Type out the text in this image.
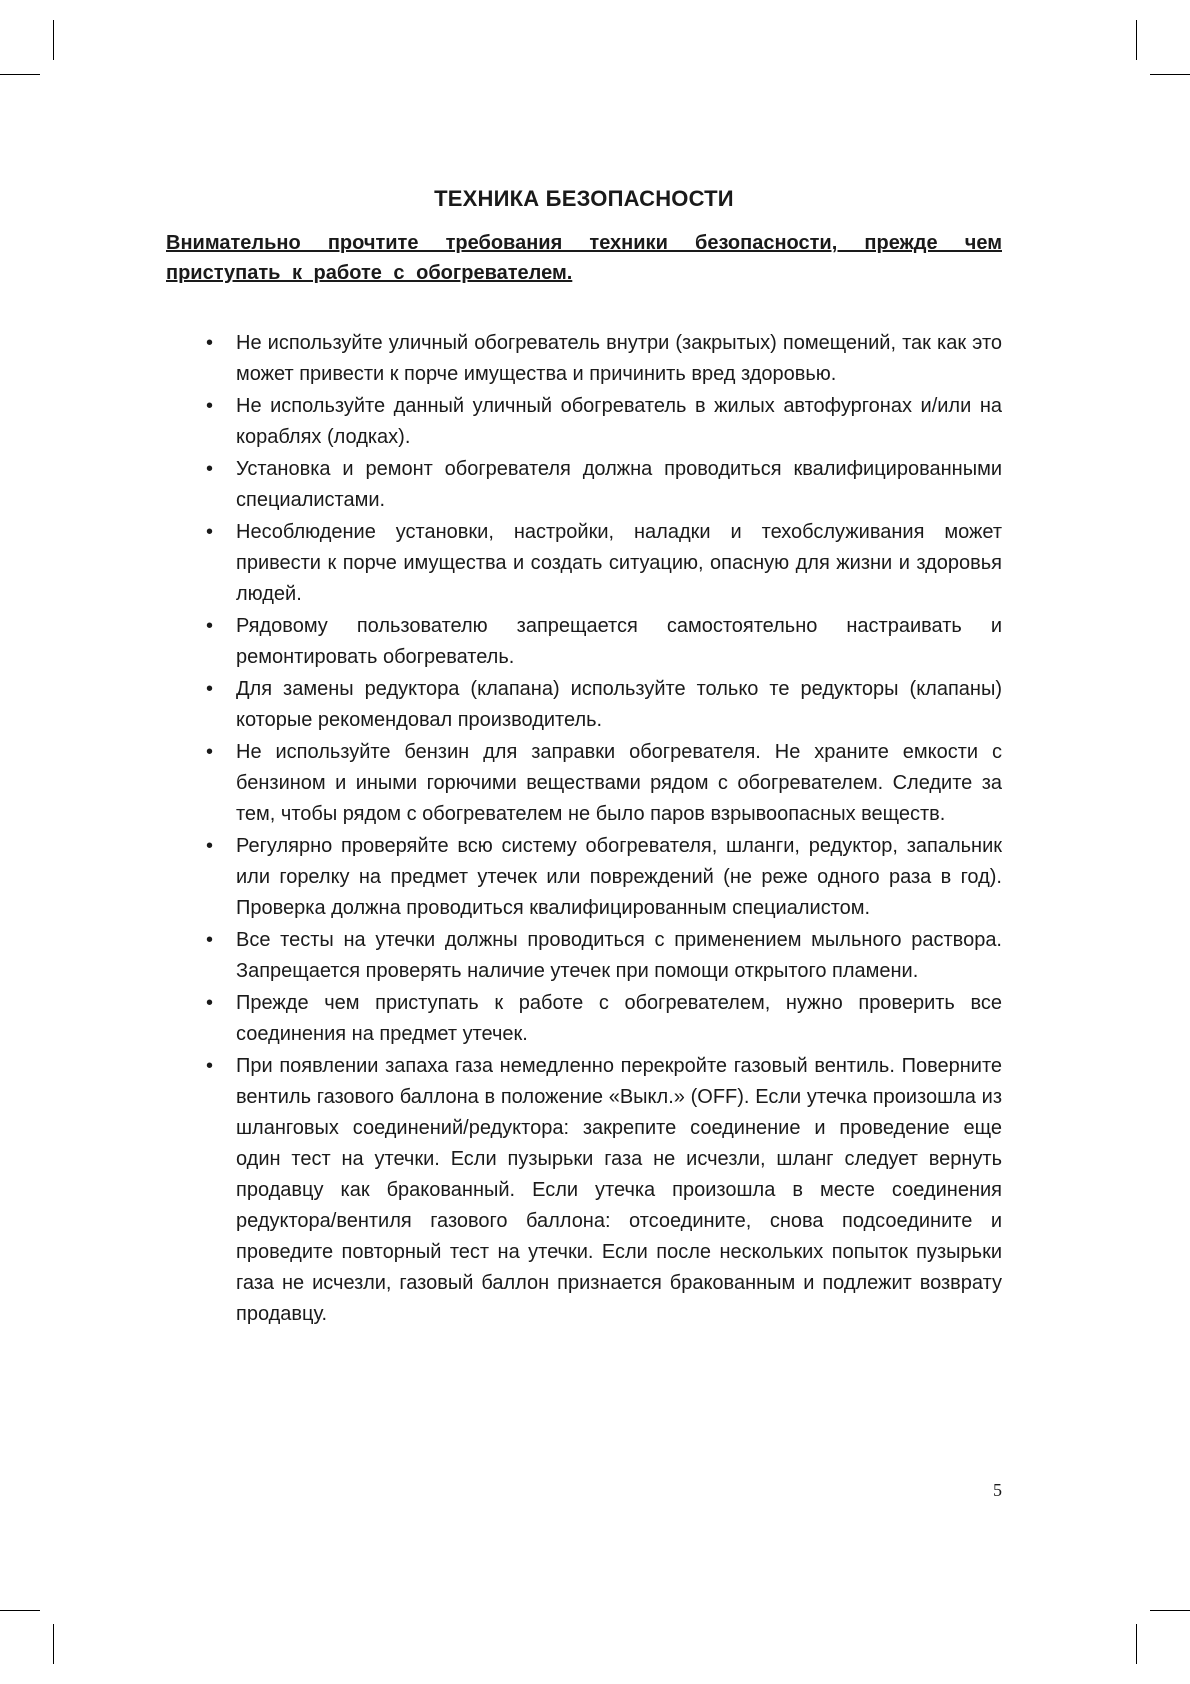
ТЕХНИКА БЕЗОПАСНОСТИ

Внимательно прочтите требования техники безопасности, прежде чем приступать к работе с обогревателем.

• Не используйте уличный обогреватель внутри (закрытых) помещений, так как это может привести к порче имущества и причинить вред здоровью.
• Не используйте данный уличный обогреватель в жилых автофургонах и/или на кораблях (лодках).
• Установка и ремонт обогревателя должна проводиться квалифицированными специалистами.
• Несоблюдение установки, настройки, наладки и техобслуживания может привести к порче имущества и создать ситуацию, опасную для жизни и здоровья людей.
• Рядовому пользователю запрещается самостоятельно настраивать и ремонтировать обогреватель.
• Для замены редуктора (клапана) используйте только те редукторы (клапаны) которые рекомендовал производитель.
• Не используйте бензин для заправки обогревателя. Не храните емкости с бензином и иными горючими веществами рядом с обогревателем. Следите за тем, чтобы рядом с обогревателем не было паров взрывоопасных веществ.
• Регулярно проверяйте всю систему обогревателя, шланги, редуктор, запальник или горелку на предмет утечек или повреждений (не реже одного раза в год). Проверка должна проводиться квалифицированным специалистом.
• Все тесты на утечки должны проводиться с применением мыльного раствора. Запрещается проверять наличие утечек при помощи открытого пламени.
• Прежде чем приступать к работе с обогревателем, нужно проверить все соединения на предмет утечек.
• При появлении запаха газа немедленно перекройте газовый вентиль. Поверните вентиль газового баллона в положение «Выкл.» (OFF). Если утечка произошла из шланговых соединений/редуктора: закрепите соединение и проведение еще один тест на утечки. Если пузырьки газа не исчезли, шланг следует вернуть продавцу как бракованный. Если утечка произошла в месте соединения редуктора/вентиля газового баллона: отсоедините, снова подсоедините и проведите повторный тест на утечки. Если после нескольких попыток пузырьки газа не исчезли, газовый баллон признается бракованным и подлежит возврату продавцу.
5
